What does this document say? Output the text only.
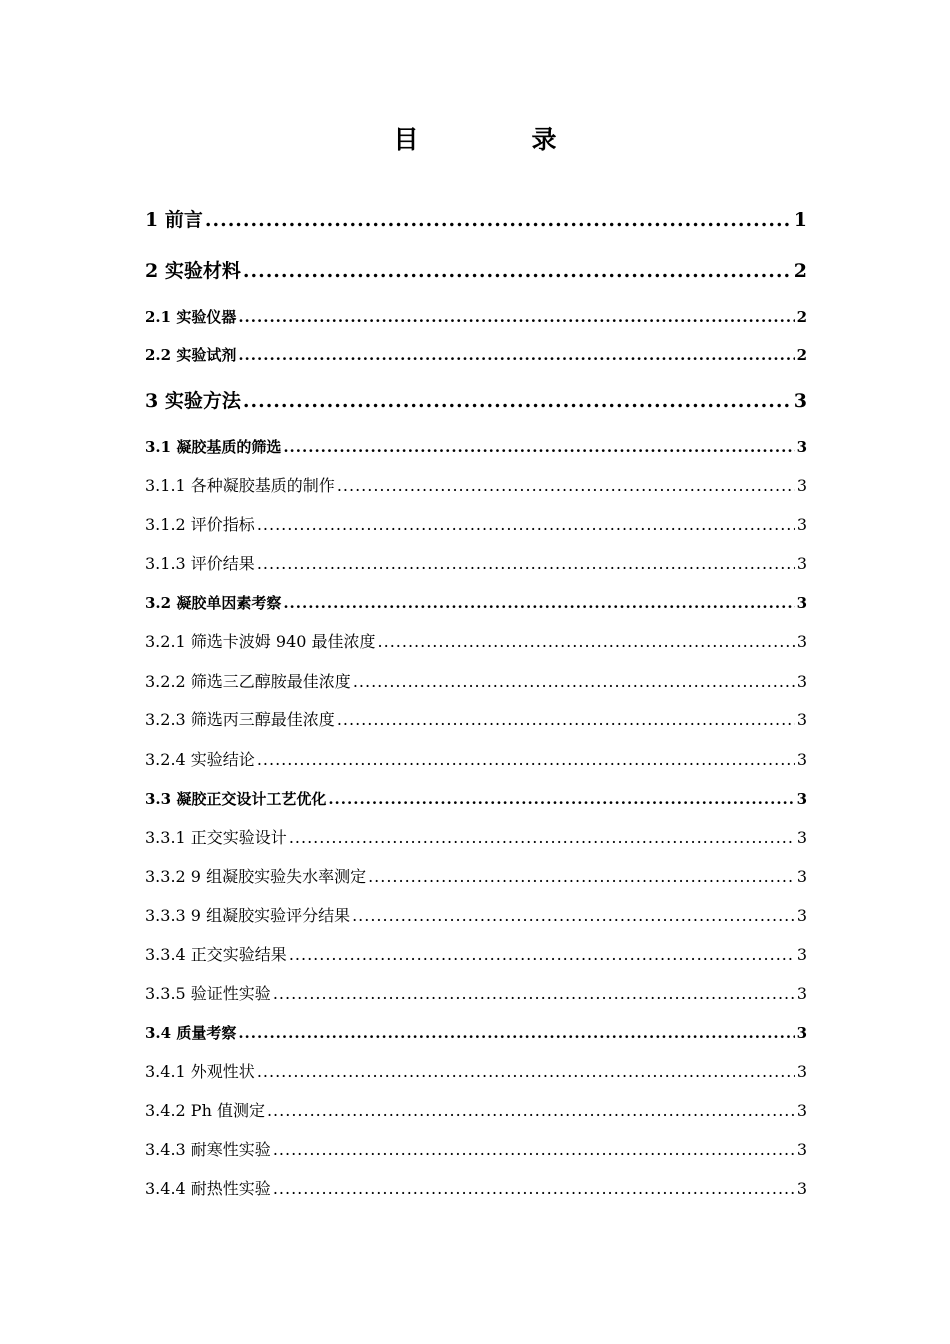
目　录
1 前言 .....	1
2 实验材料 .....	2
2.1 实验仪器 .....	2
2.2 实验试剂 .....	2
3 实验方法 .....	3
3.1 凝胶基质的筛选 .....	3
3.1.1 各种凝胶基质的制作 .....	3
3.1.2 评价指标 .....	3
3.1.3 评价结果 .....	3
3.2 凝胶单因素考察 .....	3
3.2.1 筛选卡波姆 940 最佳浓度 .....	3
3.2.2 筛选三乙醇胺最佳浓度 .....	3
3.2.3 筛选丙三醇最佳浓度 .....	3
3.2.4 实验结论 .....	3
3.3 凝胶正交设计工艺优化 .....	3
3.3.1 正交实验设计 .....	3
3.3.2 9 组凝胶实验失水率测定 .....	3
3.3.3 9 组凝胶实验评分结果 .....	3
3.3.4 正交实验结果 .....	3
3.3.5 验证性实验 .....	3
3.4 质量考察 .....	3
3.4.1 外观性状 .....	3
3.4.2 Ph 值测定 .....	3
3.4.3 耐寒性实验 .....	3
3.4.4 耐热性实验 .....	3
